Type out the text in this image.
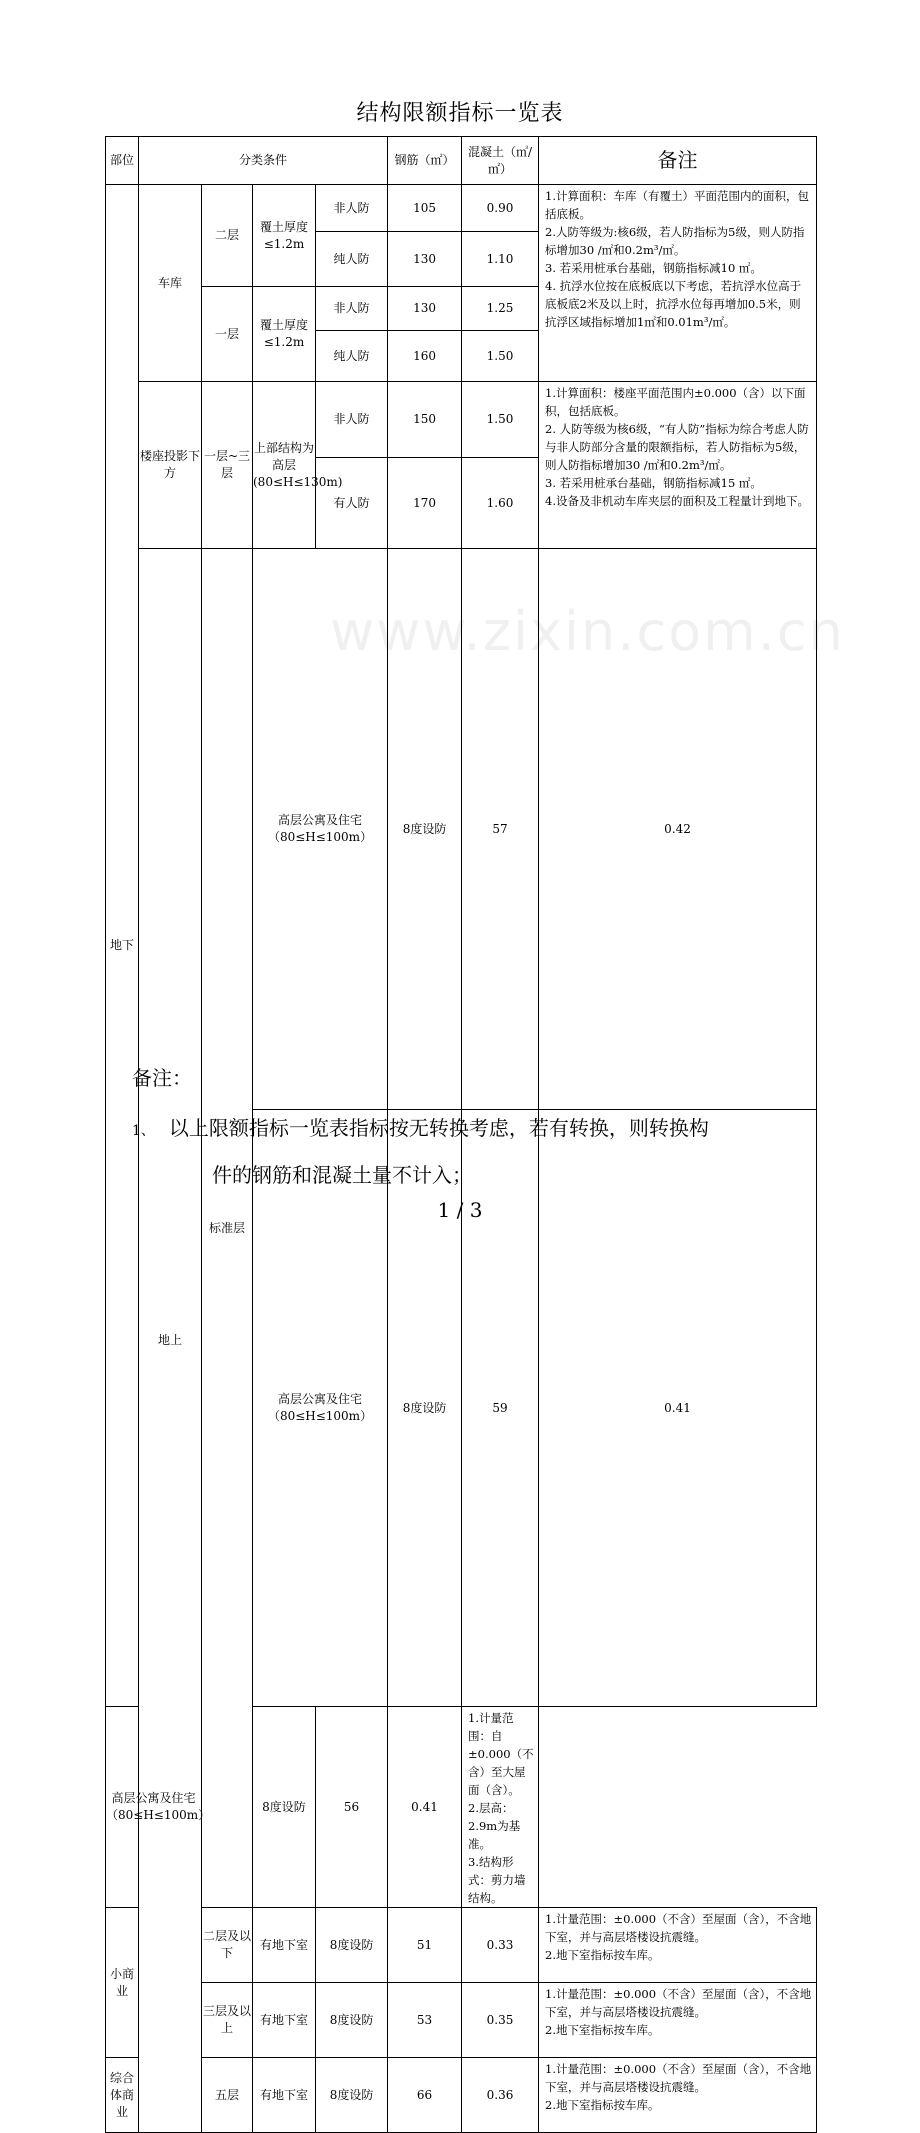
结构限额指标一览表
www.zixin.com.cn
部位	分类条件				钢筋（㎡）	混凝土（㎥/㎡）	备注	
地下	车库	二层	覆土厚度≤1.2m	非人防	105	0.90	1.计算面积：车库（有覆土）平面范围内的面积，包括底板。
2.人防等级为:核6级，若人防指标为5级，则人防指标增加30 /㎡和0.2m³/㎡。
3. 若采用桩承台基础，钢筋指标减10 ㎡。
4. 抗浮水位按在底板底以下考虑，若抗浮水位高于底板底2米及以上时，抗浮水位每再增加0.5米，则抗浮区域指标增加1㎡和0.01m³/㎡。	

				纯人防	130	1.10		
		一层	覆土厚度≤1.2m	非人防	130	1.25		
				纯人防	160	1.50		
	楼座投影下方	一层~三层	上部结构为高层(80≤H≤130m)	非人防	150	1.50	1.计算面积：楼座平面范围内±0.000（含）以下面积，包括底板。
2. 人防等级为核6级，“有人防”指标为综合考虑人防与非人防部分含量的限额指标，若人防指标为5级，则人防指标增加30 /㎡和0.2m³/㎡。
3. 若采用桩承台基础，钢筋指标减15 ㎡。
4.设备及非机动车库夹层的面积及工程量计到地下。	

				有人防	170	1.60		
	地上	标准层	高层公寓及住宅（80≤H≤100m）		8度设防	57	0.42	

			高层公寓及住宅（80≤H≤100m）		8度设防	59	0.41	

高层公寓及住宅（80≤H≤100m）			8度设防	56	0.41	1.计量范围：自±0.000（不含）至大屋面（含）。
2.层高： 2.9m为基准。
3.结构形式：剪力墙结构。		

小商业		二层及以下	有地下室	8度设防	51	0.33	1.计量范围：±0.000（不含）至屋面（含），不含地下室，并与高层塔楼设抗震缝。
2.地下室指标按车库。	

		三层及以上	有地下室	8度设防	53	0.35	1.计量范围：±0.000（不含）至屋面（含），不含地下室，并与高层塔楼设抗震缝。
2.地下室指标按车库。	

综合体商业		五层	有地下室	8度设防	66	0.36	1.计量范围：±0.000（不含）至屋面（含），不含地下室，并与高层塔楼设抗震缝。
2.地下室指标按车库。	
备注：
1、 以上限额指标一览表指标按无转换考虑，若有转换，则转换构
件的钢筋和混凝土量不计入；
1 / 3
